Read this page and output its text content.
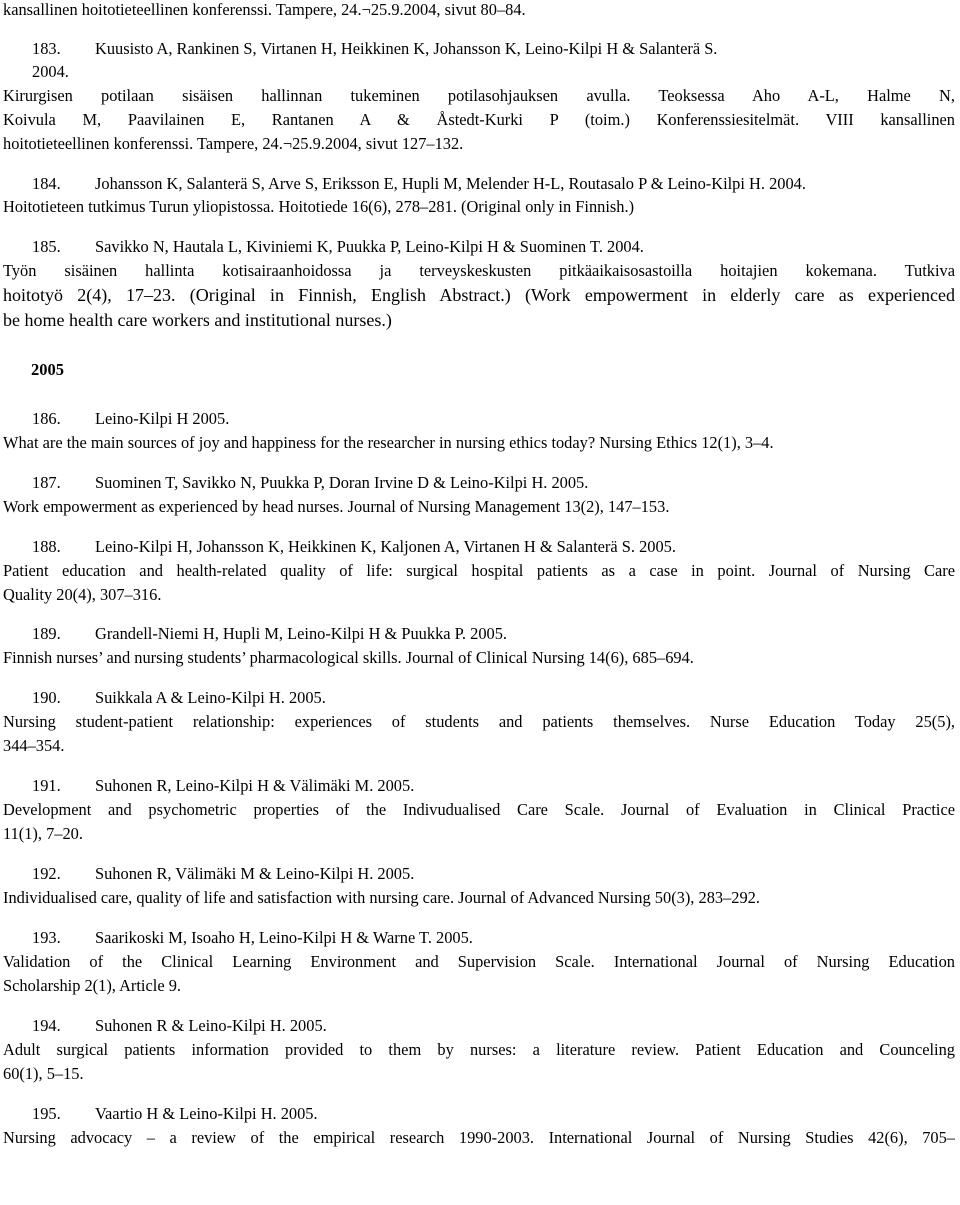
kansallinen hoitotieteellinen konferenssi. Tampere, 24.¬25.9.2004, sivut 80–84.
183. Kuusisto A, Rankinen S, Virtanen H, Heikkinen K, Johansson K, Leino-Kilpi H & Salanterä S.
2004.
Kirurgisen potilaan sisäisen hallinnan tukeminen potilasohjauksen avulla. Teoksessa Aho A-L, Halme N,
Koivula M, Paavilainen E, Rantanen A & Åstedt-Kurki P (toim.) Konferenssiesitelmät. VIII kansallinen
hoitotieteellinen konferenssi. Tampere, 24.¬25.9.2004, sivut 127–132.
184. Johansson K, Salanterä S, Arve S, Eriksson E, Hupli M, Melender H-L, Routasalo P & Leino-Kilpi H. 2004.
Hoitotieteen tutkimus Turun yliopistossa. Hoitotiede 16(6), 278–281. (Original only in Finnish.)
185. Savikko N, Hautala L, Kiviniemi K, Puukka P, Leino-Kilpi H & Suominen T. 2004.
Työn sisäinen hallinta kotisairaanhoidossa ja terveyskeskusten pitkäaikaisosastoilla hoitajien kokemana. Tutkiva
hoitotyö 2(4), 17–23. (Original in Finnish, English Abstract.) (Work empowerment in elderly care as experienced
be home health care workers and institutional nurses.)
2005
186. Leino-Kilpi H 2005.
What are the main sources of joy and happiness for the researcher in nursing ethics today? Nursing Ethics 12(1), 3–4.
187. Suominen T, Savikko N, Puukka P, Doran Irvine D & Leino-Kilpi H. 2005.
Work empowerment as experienced by head nurses. Journal of Nursing Management 13(2), 147–153.
188. Leino-Kilpi H, Johansson K, Heikkinen K, Kaljonen A, Virtanen H & Salanterä S. 2005.
Patient education and health-related quality of life: surgical hospital patients as a case in point. Journal of Nursing Care
Quality 20(4), 307–316.
189. Grandell-Niemi H, Hupli M, Leino-Kilpi H & Puukka P. 2005.
Finnish nurses’ and nursing students’ pharmacological skills. Journal of Clinical Nursing 14(6), 685–694.
190. Suikkala A & Leino-Kilpi H. 2005.
Nursing student-patient relationship: experiences of students and patients themselves. Nurse Education Today 25(5),
344–354.
191. Suhonen R, Leino-Kilpi H & Välimäki M. 2005.
Development and psychometric properties of the Indivudualised Care Scale. Journal of Evaluation in Clinical Practice
11(1), 7–20.
192. Suhonen R, Välimäki M & Leino-Kilpi H. 2005.
Individualised care, quality of life and satisfaction with nursing care. Journal of Advanced Nursing 50(3), 283–292.
193. Saarikoski M, Isoaho H, Leino-Kilpi H & Warne T. 2005.
Validation of the Clinical Learning Environment and Supervision Scale. International Journal of Nursing Education
Scholarship 2(1), Article 9.
194. Suhonen R & Leino-Kilpi H. 2005.
Adult surgical patients information provided to them by nurses: a literature review. Patient Education and Counceling
60(1), 5–15.
195. Vaartio H & Leino-Kilpi H. 2005.
Nursing advocacy – a review of the empirical research 1990-2003. International Journal of Nursing Studies 42(6), 705–
